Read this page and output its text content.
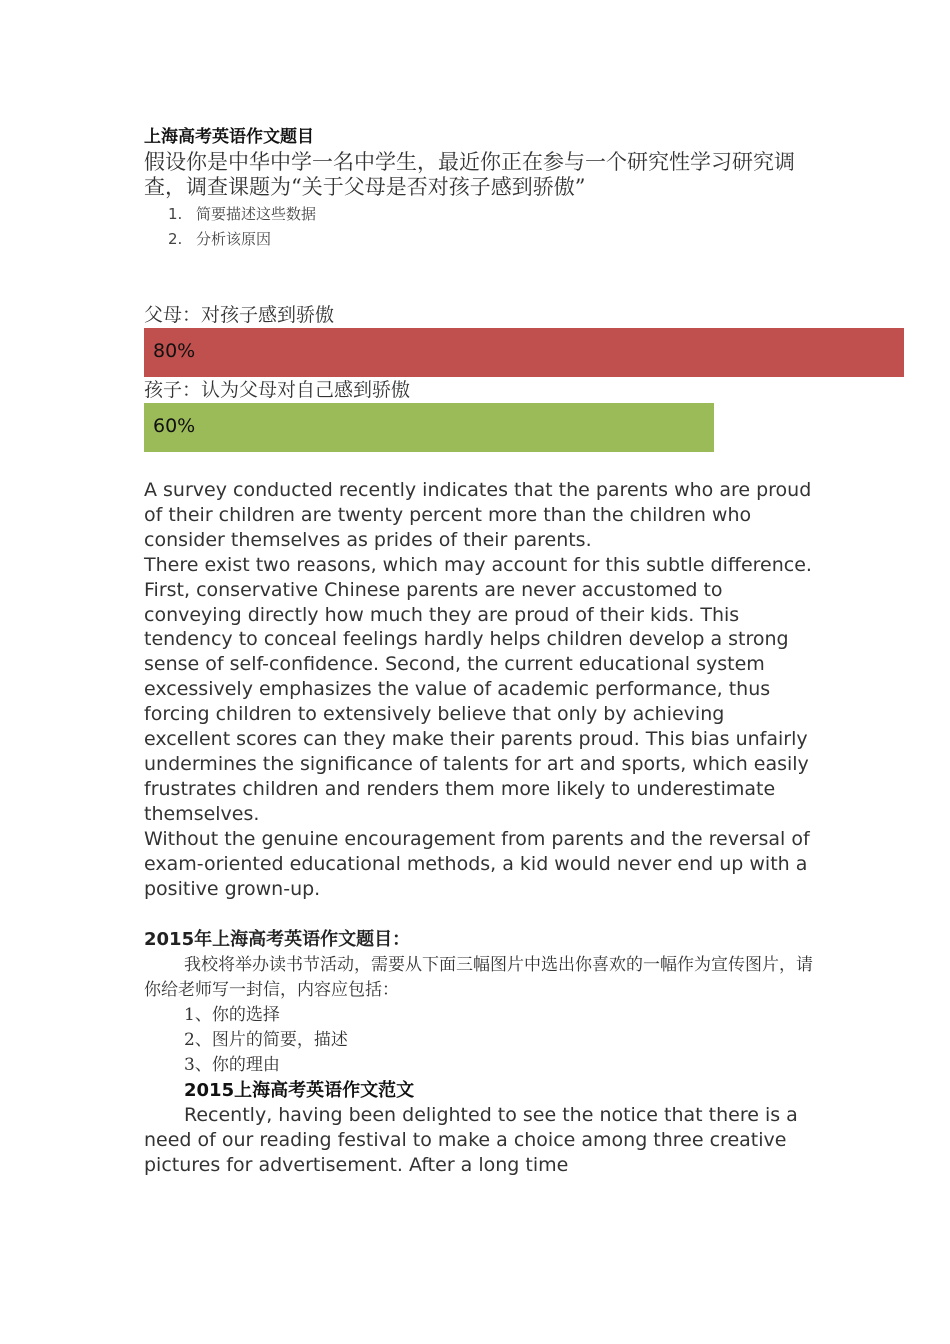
上海高考英语作文题目
假设你是中华中学一名中学生，最近你正在参与一个研究性学习研究调查，调查课题为“关于父母是否对孩子感到骄傲”
1. 简要描述这些数据
2. 分析该原因
父母：对孩子感到骄傲
80%
孩子：认为父母对自己感到骄傲
60%
A survey conducted recently indicates that the parents who are proud of their children are twenty percent more than the children who consider themselves as prides of their parents.
There exist two reasons, which may account for this subtle difference. First, conservative Chinese parents are never accustomed to conveying directly how much they are proud of their kids. This tendency to conceal feelings hardly helps children develop a strong sense of self-confidence. Second, the current educational system excessively emphasizes the value of academic performance, thus forcing children to extensively believe that only by achieving excellent scores can they make their parents proud. This bias unfairly undermines the significance of talents for art and sports, which easily frustrates children and renders them more likely to underestimate themselves.
Without the genuine encouragement from parents and the reversal of exam-oriented educational methods, a kid would never end up with a positive grown-up.
2015年上海高考英语作文题目：
我校将举办读书节活动，需要从下面三幅图片中选出你喜欢的一幅作为宣传图片，请你给老师写一封信，内容应包括：
1、你的选择
2、图片的简要，描述
3、你的理由
2015上海高考英语作文范文
Recently, having been delighted to see the notice that there is a need of our reading festival to make a choice among three creative pictures for advertisement. After a long time
